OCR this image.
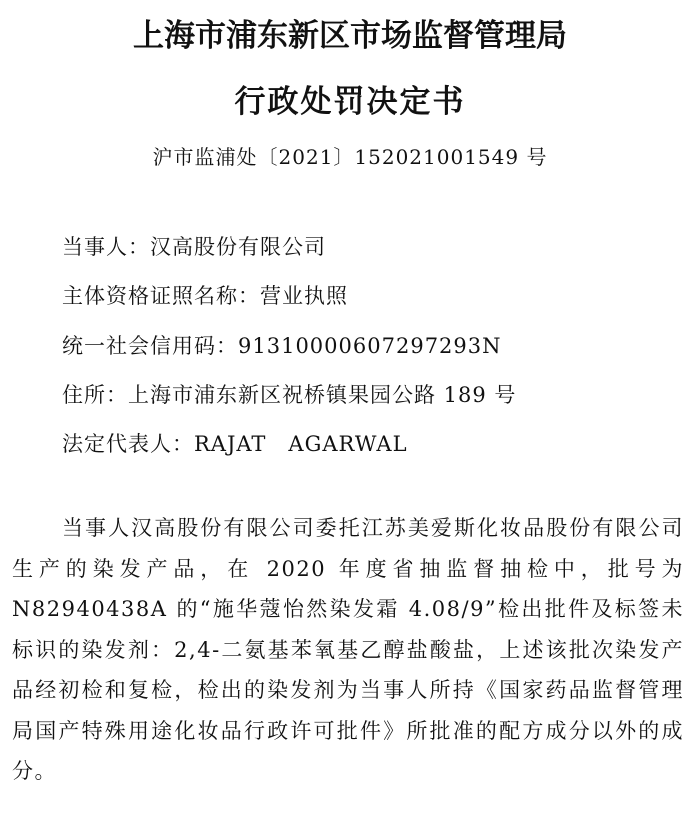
上海市浦东新区市场监督管理局
行政处罚决定书
沪市监浦处〔2021〕152021001549 号
当事人：汉高股份有限公司
主体资格证照名称：营业执照
统一社会信用码：91310000607297293N
住所：上海市浦东新区祝桥镇果园公路 189 号
法定代表人：RAJAT　AGARWAL

当事人汉高股份有限公司委托江苏美爱斯化妆品股份有限公司生产的染发产品，在 2020 年度省抽监督抽检中，批号为 N82940438A 的“施华蔻怡然染发霜 4.08/9”检出批件及标签未标识的染发剂：2,4-二氨基苯氧基乙醇盐酸盐，上述该批次染发产品经初检和复检，检出的染发剂为当事人所持《国家药品监督管理局国产特殊用途化妆品行政许可批件》所批准的配方成分以外的成分。
